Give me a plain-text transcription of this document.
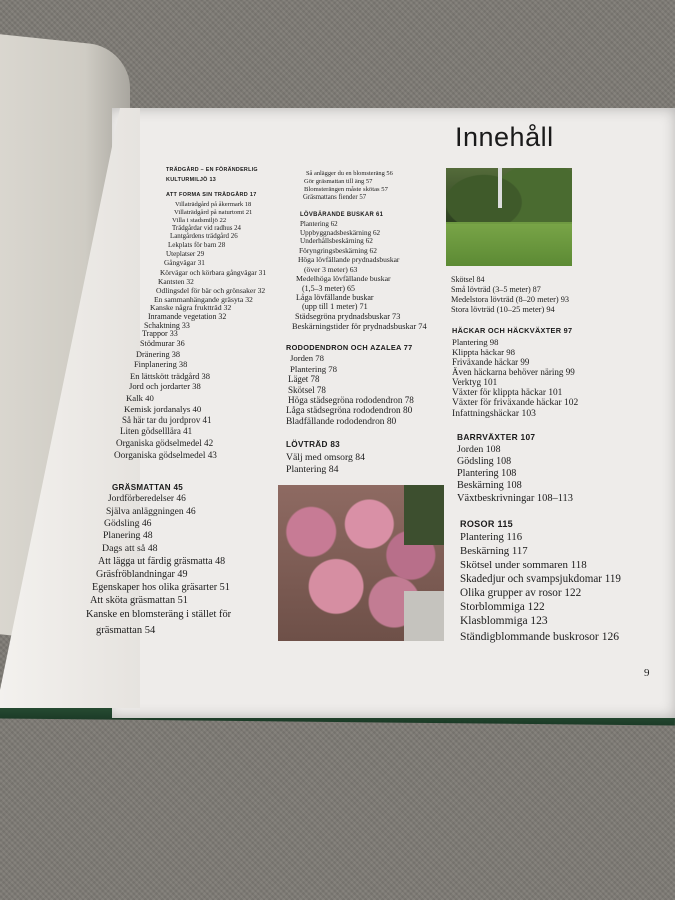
Innehåll
TRÄDGÅRD – EN FÖRÄNDERLIG
KULTURMILJÖ 13
ATT FORMA SIN TRÄDGÅRD 17
Villaträdgård på åkermark 18
Villaträdgård på naturtomt 21
Villa i stadsmiljö 22
Trädgårdar vid radhus 24
Lantgårdens trädgård 26
Lekplats för barn 28
Uteplatser 29
Gångvägar 31
Körvägar och körbara gångvägar 31
Kantsten 32
Odlingsdel för bär och grönsaker 32
En sammanhängande gräsyta 32
Kanske några fruktträd 32
Inramande vegetation 32
Schaktning 33
Trappor 33
Stödmurar 36
Dränering 38
Finplanering 38
En lättskött trädgård 38
Jord och jordarter 38
Kalk 40
Kemisk jordanalys 40
Så här tar du jordprov 41
Liten gödselllära 41
Organiska gödselmedel 42
Oorganiska gödselmedel 43
GRÄSMATTAN 45
Jordförberedelser 46
Själva anläggningen 46
Gödsling 46
Planering 48
Dags att så 48
Att lägga ut färdig gräsmatta 48
Gräsfröblandningar 49
Egenskaper hos olika gräsarter 51
Att sköta gräsmattan 51
Kanske en blomsteräng i stället för
gräsmattan 54
Så anlägger du en blomsteräng 56
Gör gräsmattan till äng 57
Blomsterängen måste skötas 57
Gräsmattans fiender 57
LÖVBÄRANDE BUSKAR 61
Plantering 62
Uppbyggnadsbeskärning 62
Underhållsbeskärning 62
Föryngringsbeskärning 62
Höga lövfällande prydnadsbuskar
(över 3 meter) 63
Medelhöga lövfällande buskar
(1,5–3 meter) 65
Låga lövfällande buskar
(upp till 1 meter) 71
Städsegröna prydnadsbuskar 73
Beskärningstider för prydnadsbuskar 74
RODODENDRON OCH AZALEA 77
Jorden 78
Plantering 78
Läget 78
Skötsel 78
Höga städsegröna rododendron 78
Låga städsegröna rododendron 80
Bladfällande rododendron 80
LÖVTRÄD 83
Välj med omsorg 84
Plantering 84
Skötsel 84
Små lövträd (3–5 meter) 87
Medelstora lövträd (8–20 meter) 93
Stora lövträd (10–25 meter) 94
HÄCKAR OCH HÄCKVÄXTER 97
Plantering 98
Klippta häckar 98
Friväxande häckar 99
Även häckarna behöver näring 99
Verktyg 101
Växter för klippta häckar 101
Växter för friväxande häckar 102
Infattningshäckar 103
BARRVÄXTER 107
Jorden 108
Gödsling 108
Plantering 108
Beskärning 108
Växtbeskrivningar 108–113
ROSOR 115
Plantering 116
Beskärning 117
Skötsel under sommaren 118
Skadedjur och svampsjukdomar 119
Olika grupper av rosor 122
Storblommiga 122
Klasblommiga 123
Ständigblommande buskrosor 126
9
